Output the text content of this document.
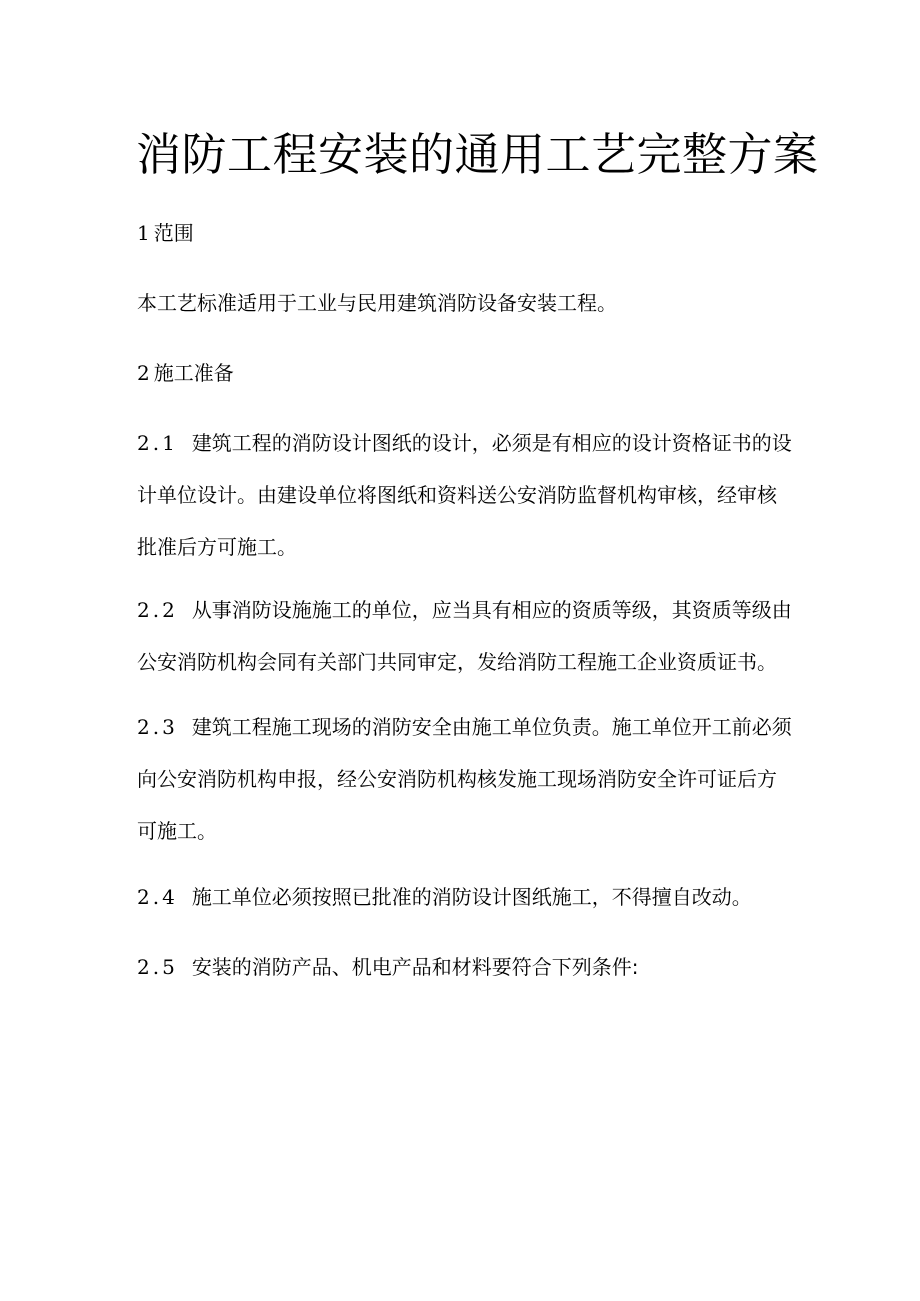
消防工程安装的通用工艺完整方案

1 范围

本工艺标准适用于工业与民用建筑消防设备安装工程。

2 施工准备

2.1 建筑工程的消防设计图纸的设计，必须是有相应的设计资格证书的设计单位设计。由建设单位将图纸和资料送公安消防监督机构审核，经审核批准后方可施工。

2.2 从事消防设施施工的单位，应当具有相应的资质等级，其资质等级由公安消防机构会同有关部门共同审定，发给消防工程施工企业资质证书。

2.3 建筑工程施工现场的消防安全由施工单位负责。施工单位开工前必须向公安消防机构申报，经公安消防机构核发施工现场消防安全许可证后方可施工。

2.4 施工单位必须按照已批准的消防设计图纸施工，不得擅自改动。

2.5 安装的消防产品、机电产品和材料要符合下列条件:
